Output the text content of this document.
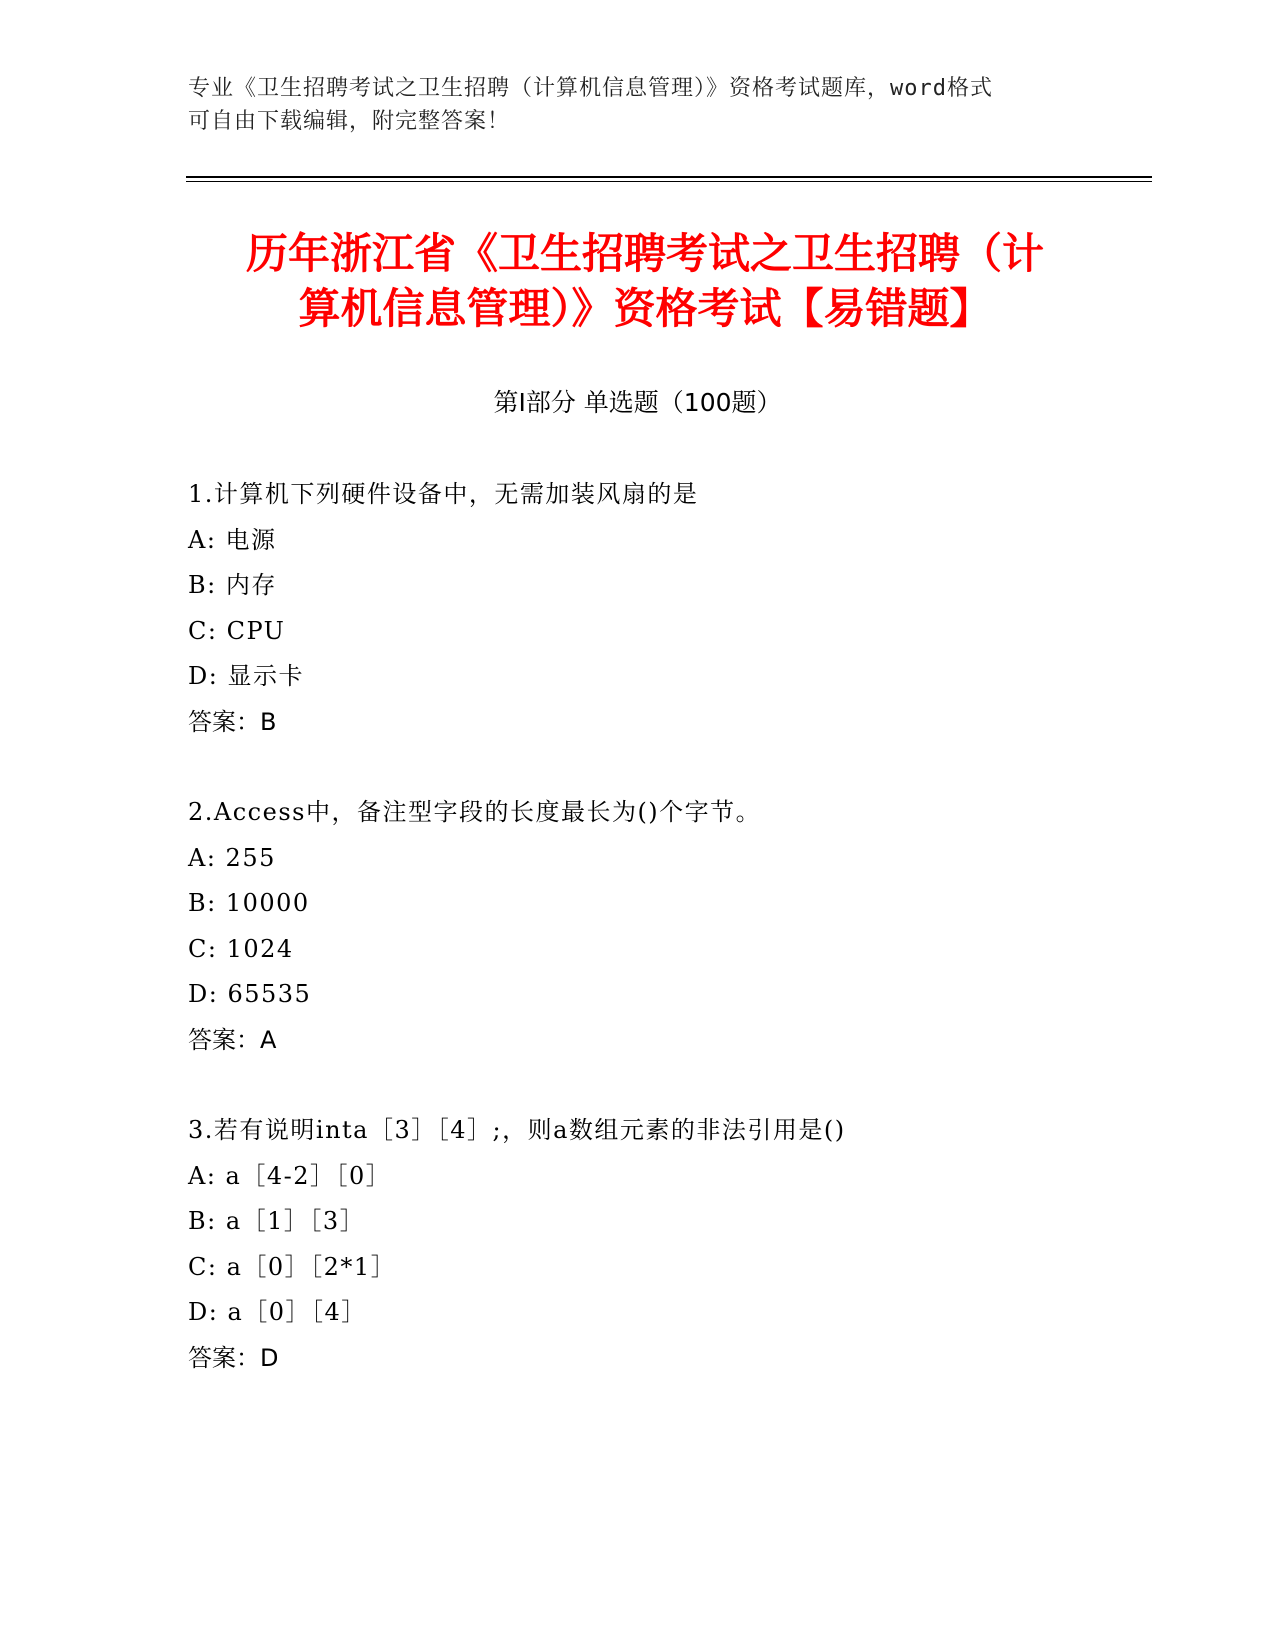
专业《卫生招聘考试之卫生招聘（计算机信息管理）》资格考试题库，word格式
可自由下载编辑，附完整答案！
历年浙江省《卫生招聘考试之卫生招聘（计
算机信息管理）》资格考试【易错题】
第Ⅰ部分 单选题（100题）
1.计算机下列硬件设备中，无需加装风扇的是
A: 电源
B: 内存
C: CPU
D: 显示卡
答案：B
2.Access中，备注型字段的长度最长为()个字节。
A: 255
B: 10000
C: 1024
D: 65535
答案：A
3.若有说明inta［3］［4］;，则a数组元素的非法引用是()
A: a［4-2］［0］
B: a［1］［3］
C: a［0］［2*1］
D: a［0］［4］
答案：D
